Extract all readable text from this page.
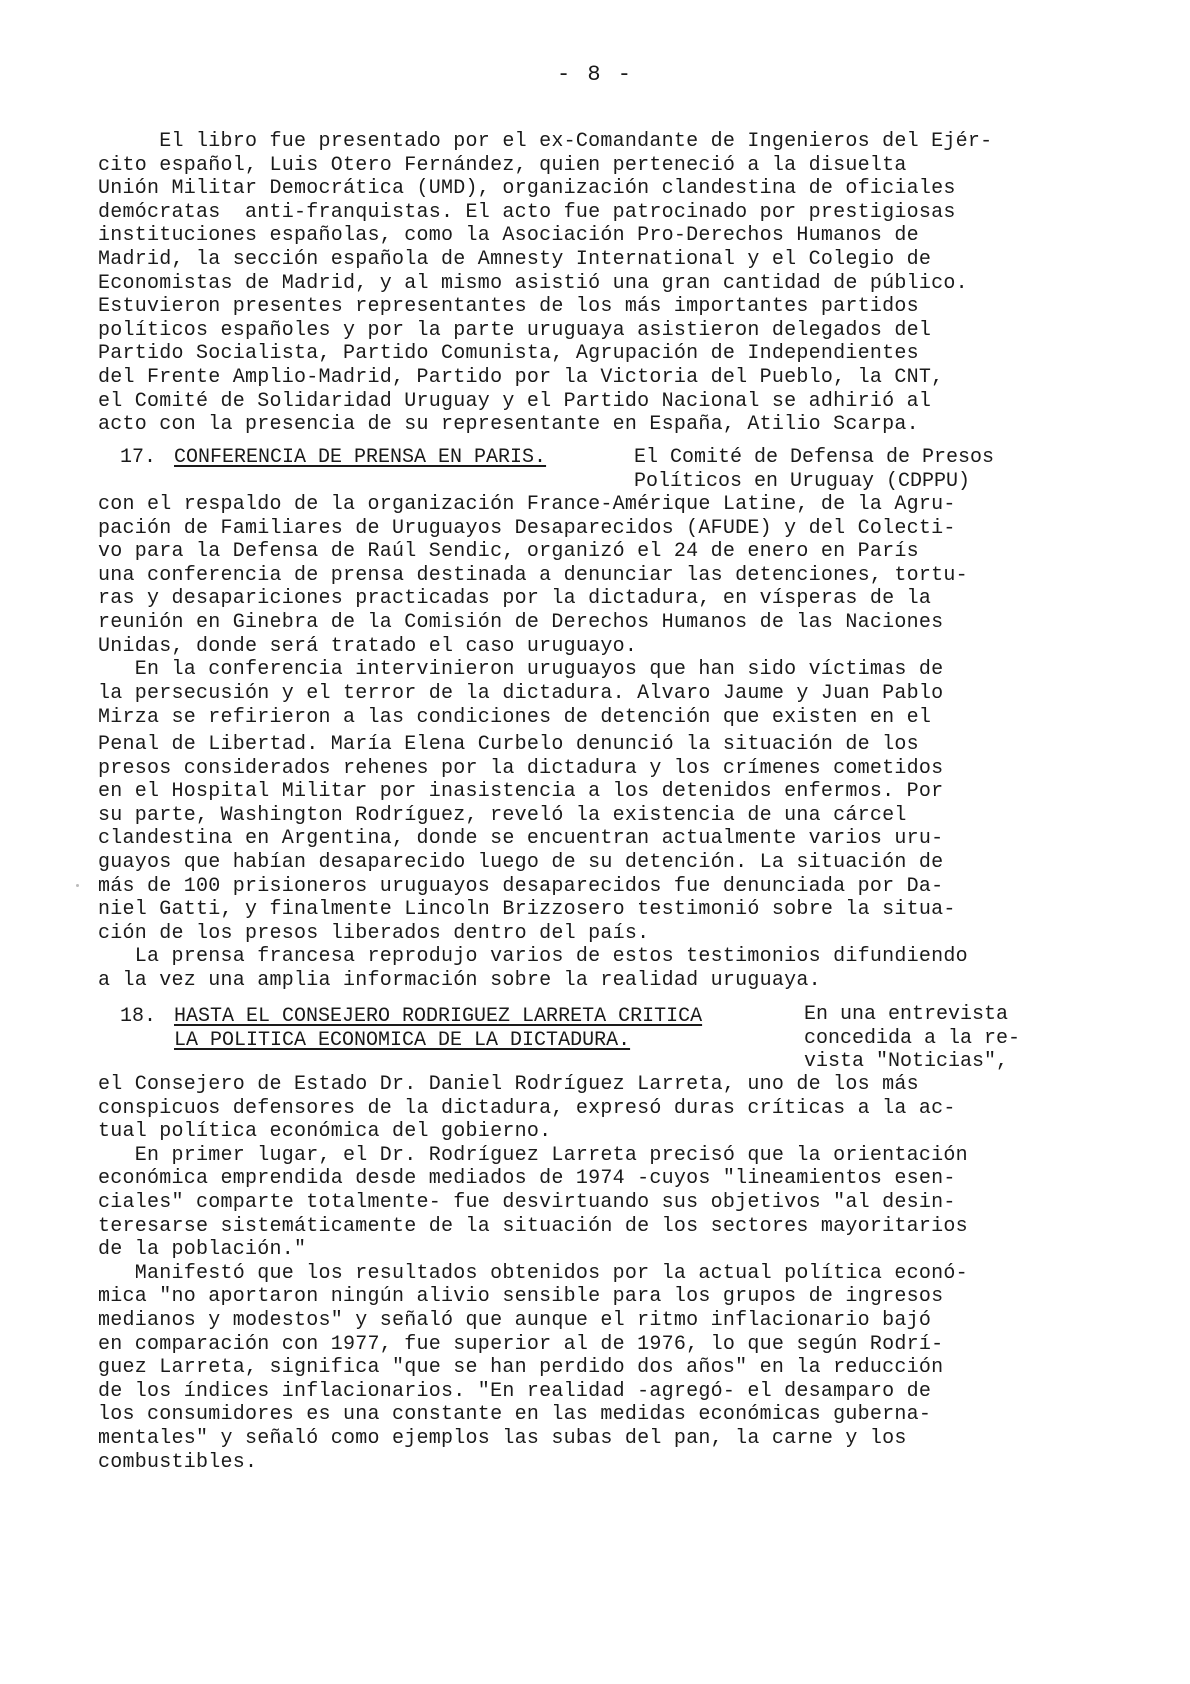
- 8 -
El libro fue presentado por el ex-Comandante de Ingenieros del Ejér-
cito español, Luis Otero Fernández, quien perteneció a la disuelta
Unión Militar Democrática (UMD), organización clandestina de oficiales
demócratas  anti-franquistas. El acto fue patrocinado por prestigiosas
instituciones españolas, como la Asociación Pro-Derechos Humanos de
Madrid, la sección española de Amnesty International y el Colegio de
Economistas de Madrid, y al mismo asistió una gran cantidad de público.
Estuvieron presentes representantes de los más importantes partidos
políticos españoles y por la parte uruguaya asistieron delegados del
Partido Socialista, Partido Comunista, Agrupación de Independientes
del Frente Amplio-Madrid, Partido por la Victoria del Pueblo, la CNT,
el Comité de Solidaridad Uruguay y el Partido Nacional se adhirió al
acto con la presencia de su representante en España, Atilio Scarpa.
17. CONFERENCIA DE PRENSA EN PARIS.	El Comité de Defensa de Presos
Políticos en Uruguay (CDPPU)
con el respaldo de la organización France-Amérique Latine, de la Agru-
pación de Familiares de Uruguayos Desaparecidos (AFUDE) y del Colecti-
vo para la Defensa de Raúl Sendic, organizó el 24 de enero en París
una conferencia de prensa destinada a denunciar las detenciones, tortu-
ras y desapariciones practicadas por la dictadura, en vísperas de la
reunión en Ginebra de la Comisión de Derechos Humanos de las Naciones
Unidas, donde será tratado el caso uruguayo.
En la conferencia intervinieron uruguayos que han sido víctimas de
la persecusión y el terror de la dictadura. Alvaro Jaume y Juan Pablo
Mirza se refirieron a las condiciones de detención que existen en el
Penal de Libertad. María Elena Curbelo denunció la situación de los
presos considerados rehenes por la dictadura y los crímenes cometidos
en el Hospital Militar por inasistencia a los detenidos enfermos. Por
su parte, Washington Rodríguez, reveló la existencia de una cárcel
clandestina en Argentina, donde se encuentran actualmente varios uru-
guayos que habían desaparecido luego de su detención. La situación de
más de 100 prisioneros uruguayos desaparecidos fue denunciada por Da-
niel Gatti, y finalmente Lincoln Brizzosero testimonió sobre la situa-
ción de los presos liberados dentro del país.
La prensa francesa reprodujo varios de estos testimonios difundiendo
a la vez una amplia información sobre la realidad uruguaya.
18. HASTA EL CONSEJERO RODRIGUEZ LARRETA CRITICA
LA POLITICA ECONOMICA DE LA DICTADURA.
En una entrevista
concedida a la re-
vista "Noticias",
el Consejero de Estado Dr. Daniel Rodríguez Larreta, uno de los más
conspicuos defensores de la dictadura, expresó duras críticas a la ac-
tual política económica del gobierno.
En primer lugar, el Dr. Rodríguez Larreta precisó que la orientación
económica emprendida desde mediados de 1974 -cuyos "lineamientos esen-
ciales" comparte totalmente- fue desvirtuando sus objetivos "al desin-
teresarse sistemáticamente de la situación de los sectores mayoritarios
de la población."
Manifestó que los resultados obtenidos por la actual política econó-
mica "no aportaron ningún alivio sensible para los grupos de ingresos
medianos y modestos" y señaló que aunque el ritmo inflacionario bajó
en comparación con 1977, fue superior al de 1976, lo que según Rodrí-
guez Larreta, significa "que se han perdido dos años" en la reducción
de los índices inflacionarios. "En realidad -agregó- el desamparo de
los consumidores es una constante en las medidas económicas guberna-
mentales" y señaló como ejemplos las subas del pan, la carne y los
combustibles.
